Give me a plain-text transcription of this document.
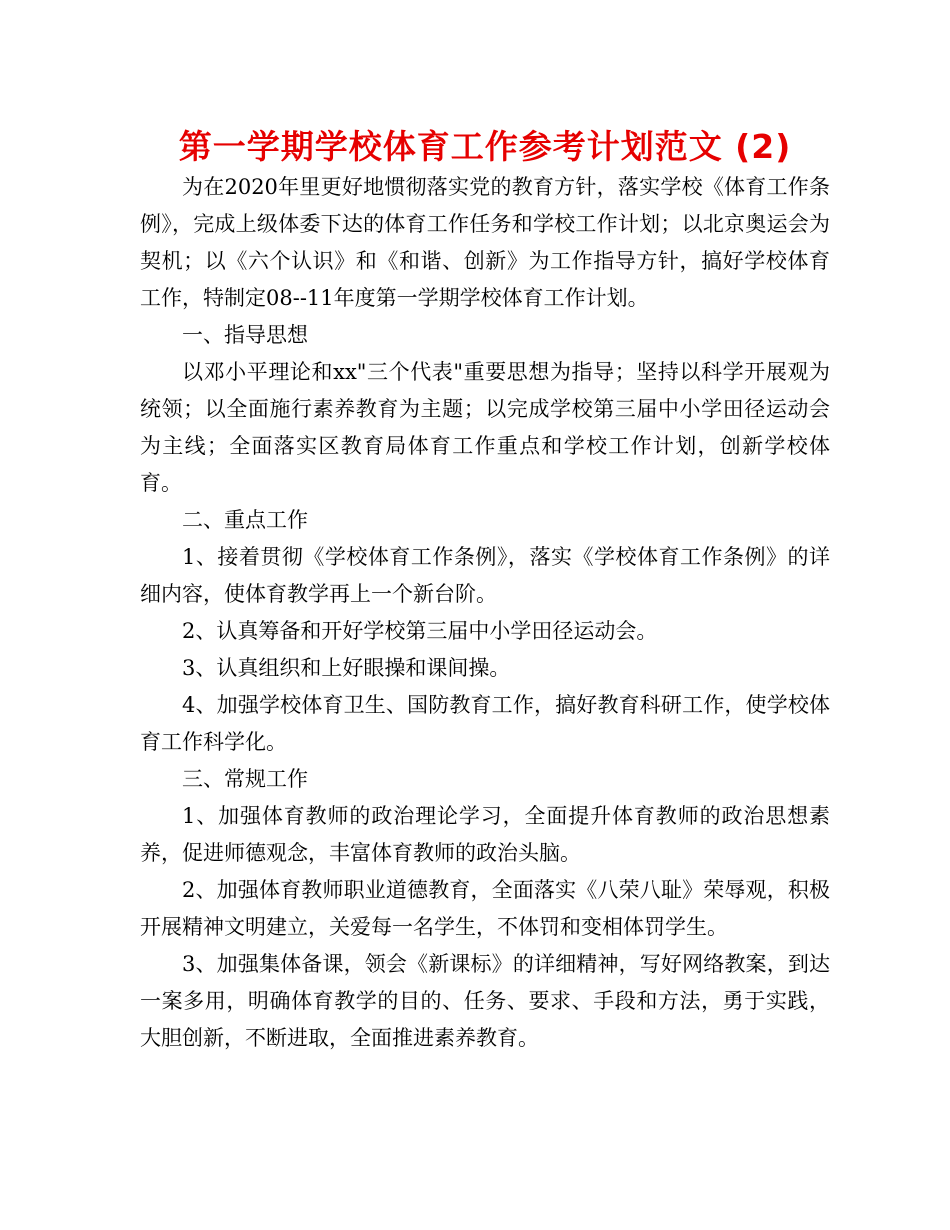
第一学期学校体育工作参考计划范文 (2)

为在2020年里更好地惯彻落实党的教育方针，落实学校《体育工作条例》，完成上级体委下达的体育工作任务和学校工作计划；以北京奥运会为契机；以《六个认识》和《和谐、创新》为工作指导方针，搞好学校体育工作，特制定08--11年度第一学期学校体育工作计划。

一、指导思想

以邓小平理论和xx"三个代表"重要思想为指导；坚持以科学开展观为统领；以全面施行素养教育为主题；以完成学校第三届中小学田径运动会为主线；全面落实区教育局体育工作重点和学校工作计划，创新学校体育。

二、重点工作

1、接着贯彻《学校体育工作条例》，落实《学校体育工作条例》的详细内容，使体育教学再上一个新台阶。

2、认真筹备和开好学校第三届中小学田径运动会。

3、认真组织和上好眼操和课间操。

4、加强学校体育卫生、国防教育工作，搞好教育科研工作，使学校体育工作科学化。

三、常规工作

1、加强体育教师的政治理论学习，全面提升体育教师的政治思想素养，促进师德观念，丰富体育教师的政治头脑。

2、加强体育教师职业道德教育，全面落实《八荣八耻》荣辱观，积极开展精神文明建立，关爱每一名学生，不体罚和变相体罚学生。

3、加强集体备课，领会《新课标》的详细精神，写好网络教案，到达一案多用，明确体育教学的目的、任务、要求、手段和方法，勇于实践，大胆创新，不断进取，全面推进素养教育。
